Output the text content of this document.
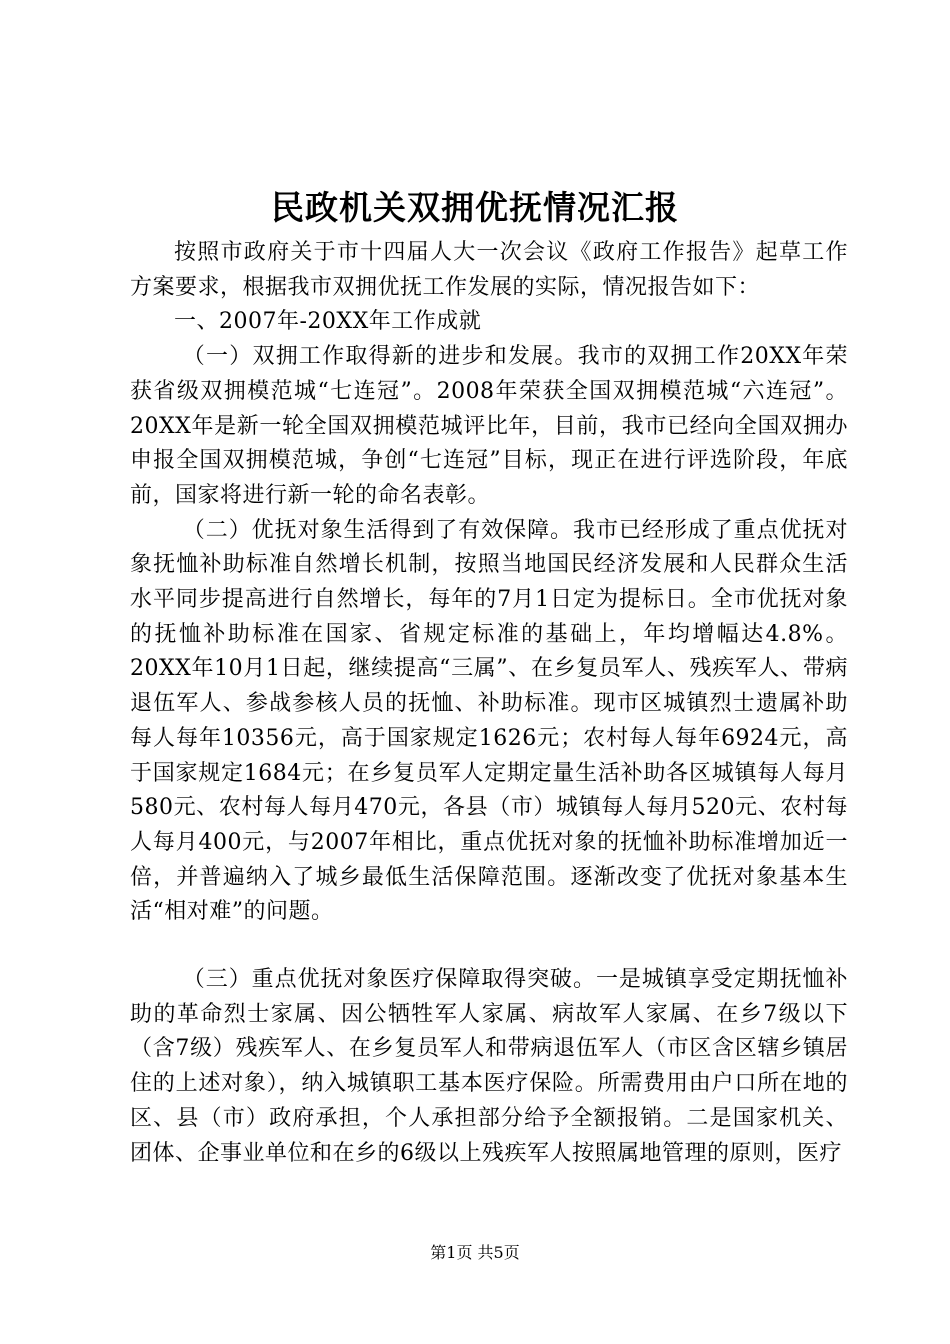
民政机关双拥优抚情况汇报

按照市政府关于市十四届人大一次会议《政府工作报告》起草工作方案要求，根据我市双拥优抚工作发展的实际，情况报告如下：

一、2007年-20XX年工作成就

（一）双拥工作取得新的进步和发展。我市的双拥工作20XX年荣获省级双拥模范城“七连冠”。2008年荣获全国双拥模范城“六连冠”。20XX年是新一轮全国双拥模范城评比年，目前，我市已经向全国双拥办申报全国双拥模范城，争创“七连冠”目标，现正在进行评选阶段，年底前，国家将进行新一轮的命名表彰。

（二）优抚对象生活得到了有效保障。我市已经形成了重点优抚对象抚恤补助标准自然增长机制，按照当地国民经济发展和人民群众生活水平同步提高进行自然增长，每年的7月1日定为提标日。全市优抚对象的抚恤补助标准在国家、省规定标准的基础上，年均增幅达4.8%。20XX年10月1日起，继续提高“三属”、在乡复员军人、残疾军人、带病退伍军人、参战参核人员的抚恤、补助标准。现市区城镇烈士遗属补助每人每年10356元，高于国家规定1626元；农村每人每年6924元，高于国家规定1684元；在乡复员军人定期定量生活补助各区城镇每人每月580元、农村每人每月470元，各县（市）城镇每人每月520元、农村每人每月400元，与2007年相比，重点优抚对象的抚恤补助标准增加近一倍，并普遍纳入了城乡最低生活保障范围。逐渐改变了优抚对象基本生活“相对难”的问题。

（三）重点优抚对象医疗保障取得突破。一是城镇享受定期抚恤补助的革命烈士家属、因公牺牲军人家属、病故军人家属、在乡7级以下（含7级）残疾军人、在乡复员军人和带病退伍军人（市区含区辖乡镇居住的上述对象），纳入城镇职工基本医疗保险。所需费用由户口所在地的区、县（市）政府承担，个人承担部分给予全额报销。二是国家机关、团体、企事业单位和在乡的6级以上残疾军人按照属地管理的原则，医疗

第1页 共5页
